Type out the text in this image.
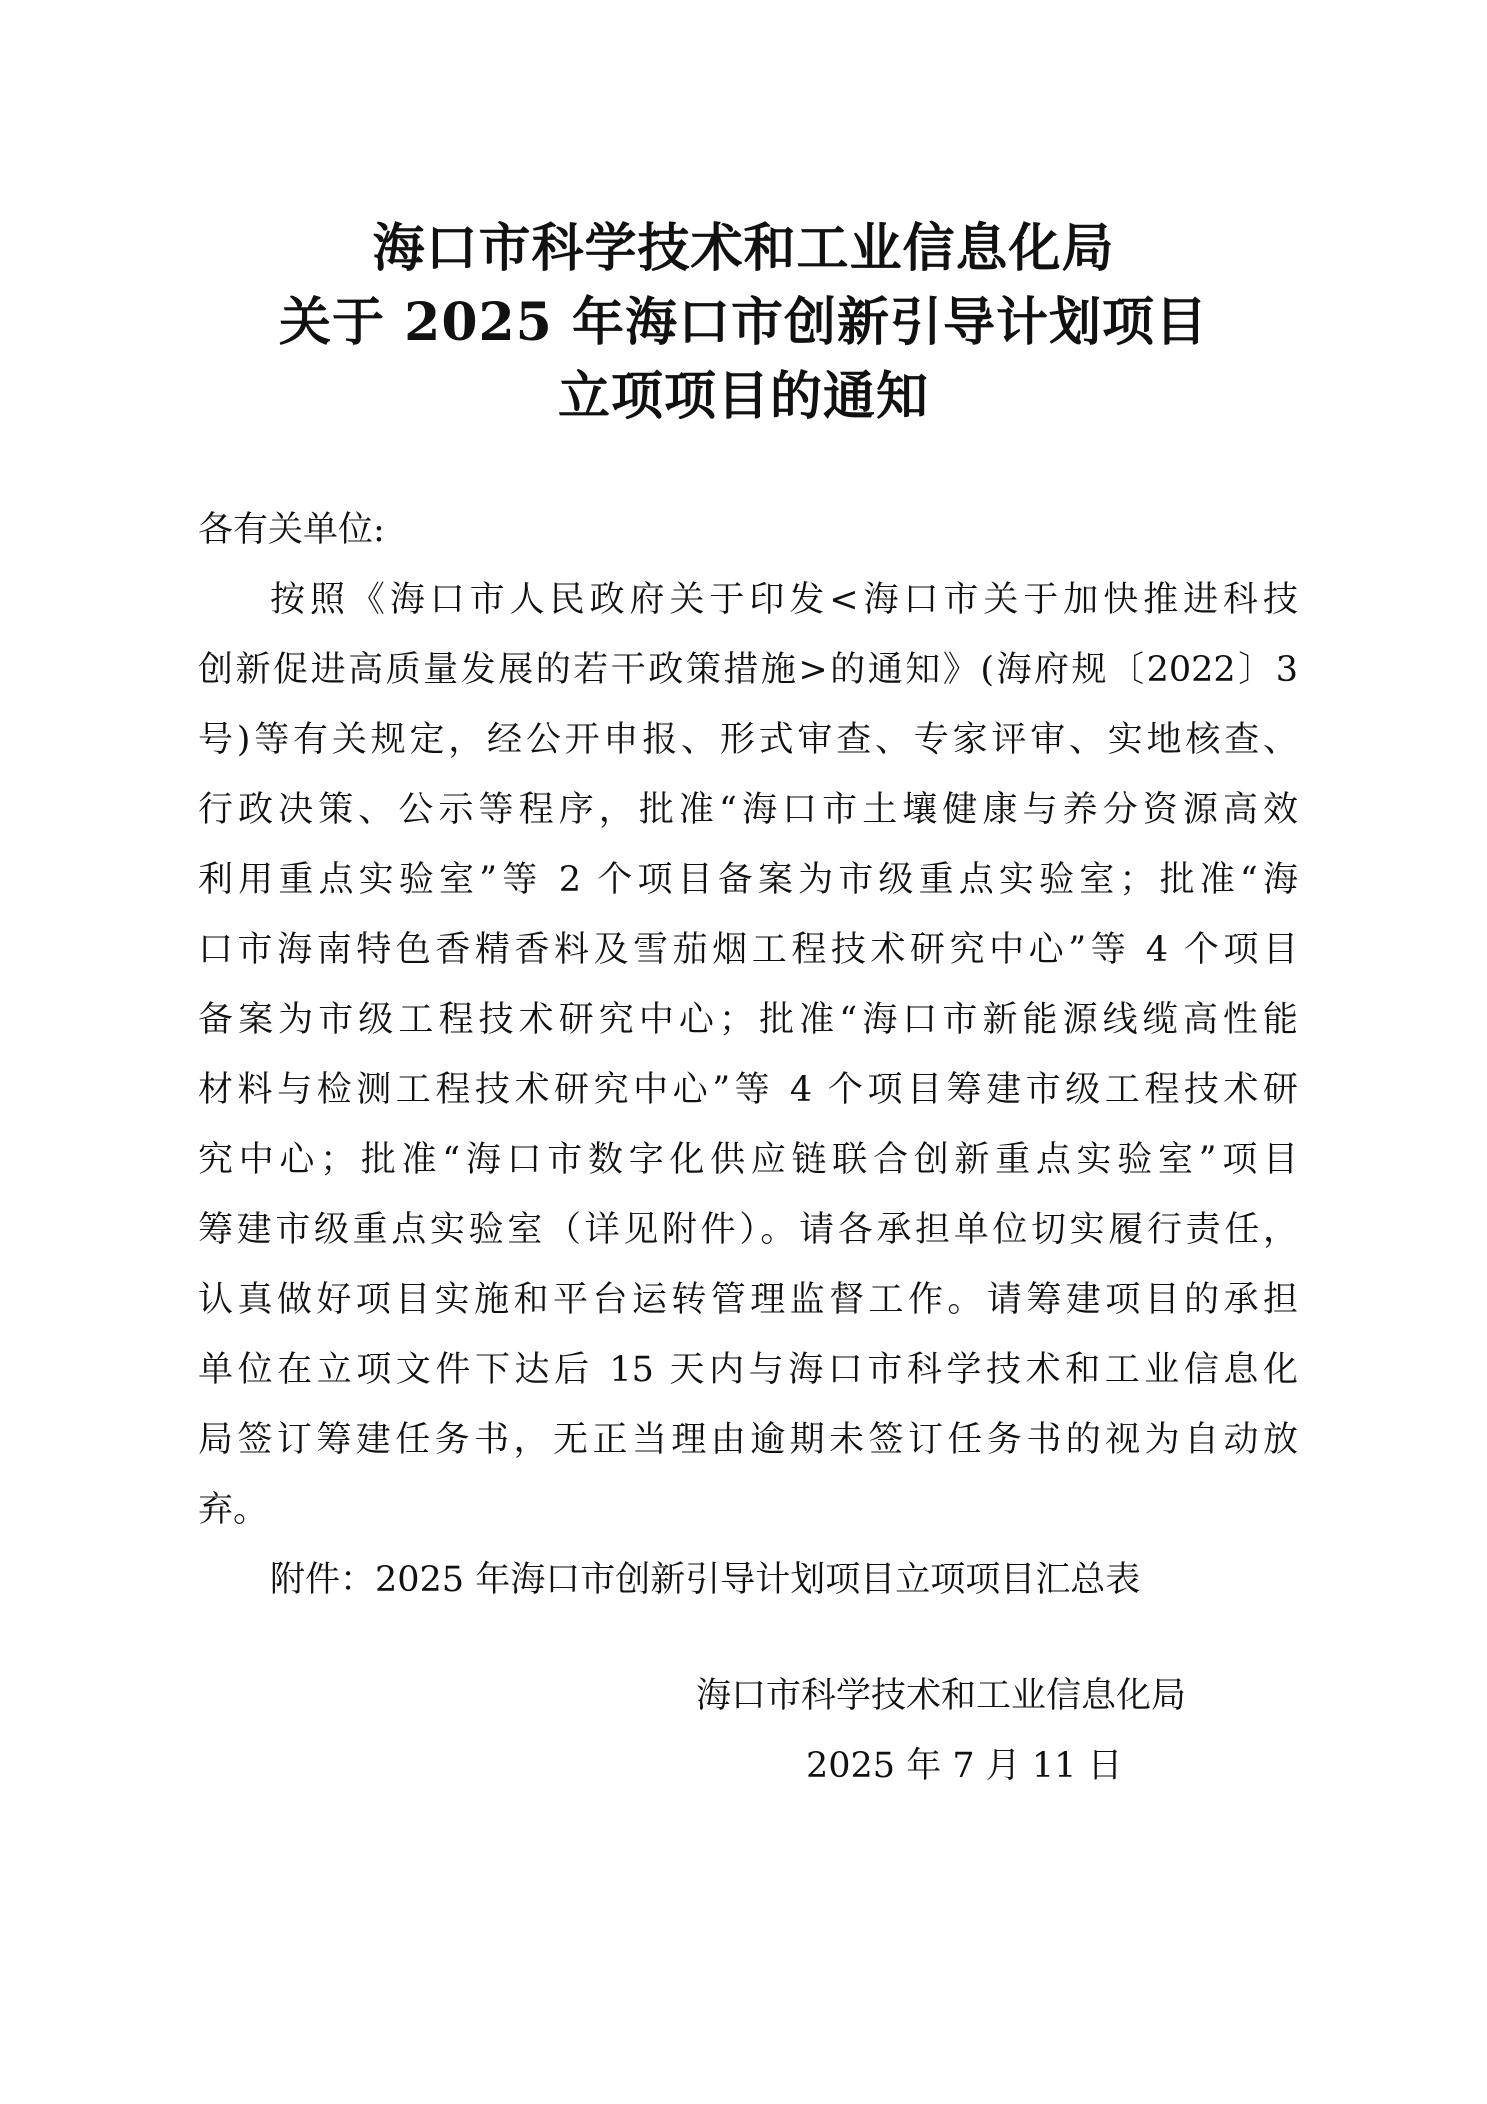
海口市科学技术和工业信息化局
关于 2025 年海口市创新引导计划项目
立项项目的通知
各有关单位:
按照《海口市人民政府关于印发<海口市关于加快推进科技
创新促进高质量发展的若干政策措施>的通知》(海府规〔2022〕3
号)等有关规定，经公开申报、形式审查、专家评审、实地核查、
行政决策、公示等程序，批准“海口市土壤健康与养分资源高效
利用重点实验室”等 2 个项目备案为市级重点实验室；批准“海
口市海南特色香精香料及雪茄烟工程技术研究中心”等 4 个项目
备案为市级工程技术研究中心；批准“海口市新能源线缆高性能
材料与检测工程技术研究中心”等 4 个项目筹建市级工程技术研
究中心；批准“海口市数字化供应链联合创新重点实验室”项目
筹建市级重点实验室（详见附件）。请各承担单位切实履行责任，
认真做好项目实施和平台运转管理监督工作。请筹建项目的承担
单位在立项文件下达后 15 天内与海口市科学技术和工业信息化
局签订筹建任务书，无正当理由逾期未签订任务书的视为自动放
弃。
附件：2025 年海口市创新引导计划项目立项项目汇总表
海口市科学技术和工业信息化局
2025 年 7 月 11 日
